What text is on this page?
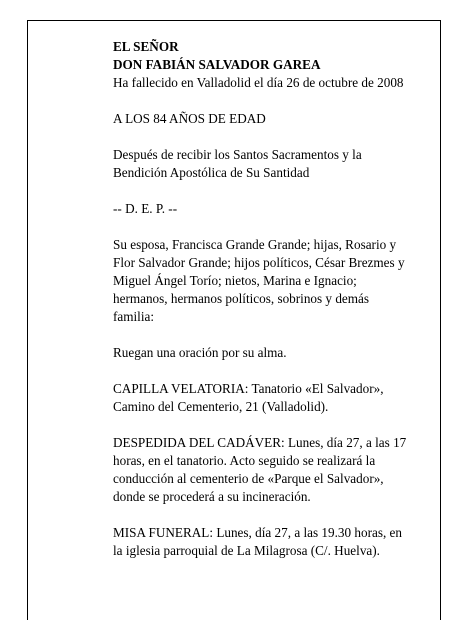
EL SEÑOR
DON FABIÁN SALVADOR GAREA
Ha fallecido en Valladolid el día 26 de octubre de 2008
A LOS 84 AÑOS DE EDAD
Después de recibir los Santos Sacramentos y la
Bendición Apostólica de Su Santidad
-- D. E. P. --
Su esposa, Francisca Grande Grande; hijas, Rosario y
Flor Salvador Grande; hijos políticos, César Brezmes y
Miguel Ángel Torío; nietos, Marina e Ignacio;
hermanos, hermanos políticos, sobrinos y demás
familia:
Ruegan una oración por su alma.
CAPILLA VELATORIA: Tanatorio «El Salvador»,
Camino del Cementerio, 21 (Valladolid).
DESPEDIDA DEL CADÁVER: Lunes, día 27, a las 17
horas, en el tanatorio. Acto seguido se realizará la
conducción al cementerio de «Parque el Salvador»,
donde se procederá a su incineración.
MISA FUNERAL: Lunes, día 27, a las 19.30 horas, en
la iglesia parroquial de La Milagrosa (C/. Huelva).
